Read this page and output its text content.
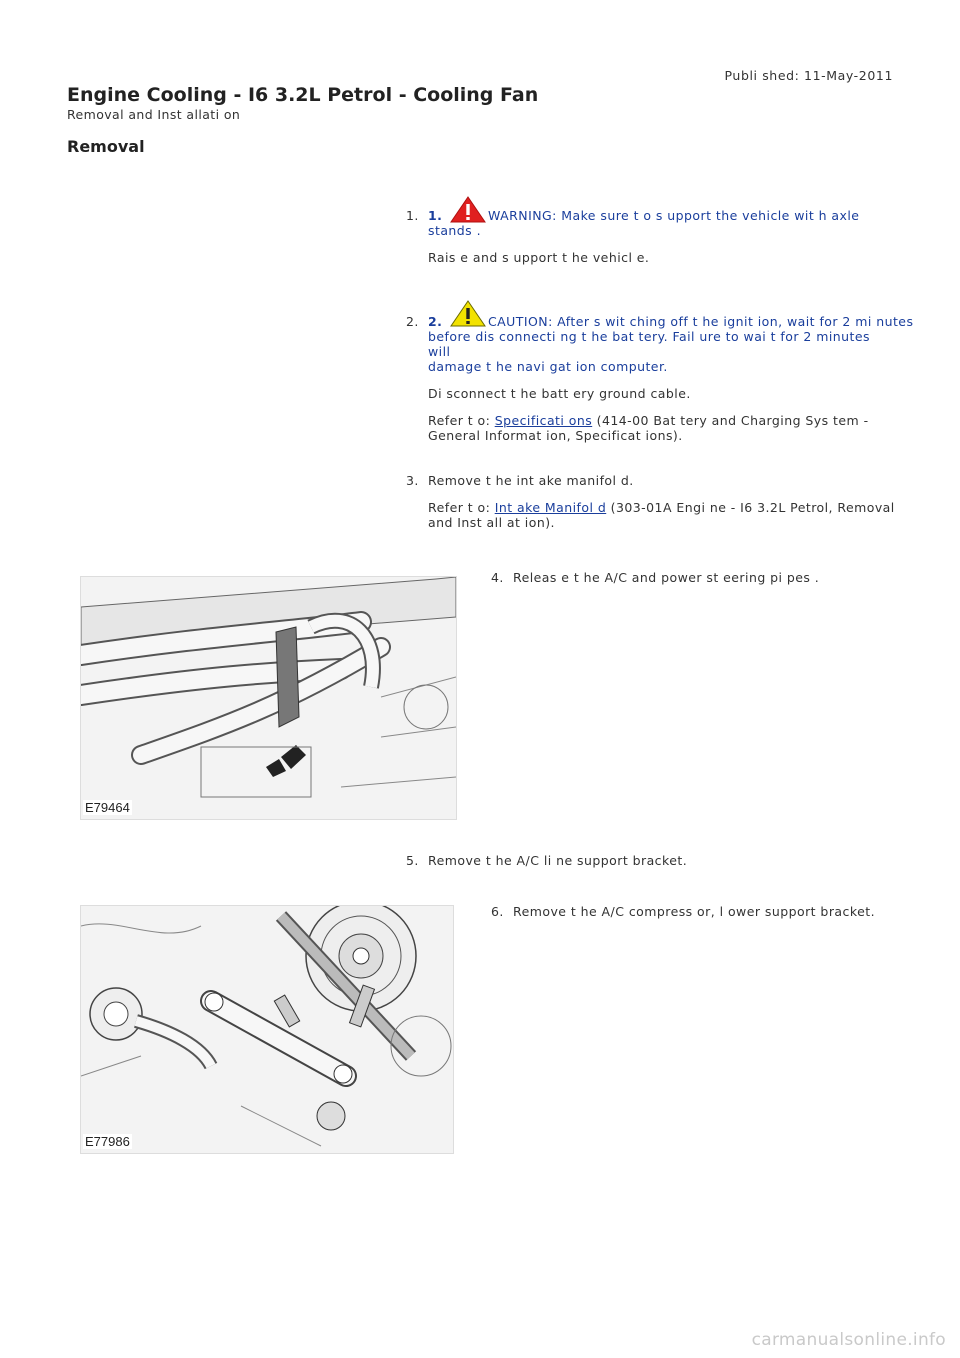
Publi shed: 11-May-2011
Engine Cooling - I6 3.2L Petrol - Cooling Fan
Removal and Inst allati on
Removal
1. 1.	WARNING: Make sure t o s upport the vehicle wit h axle
stands .
Rais e and s upport t he vehicl e.
2. 2.	CAUTION: After s wit ching off t he ignit ion, wait for 2 mi nutes
before dis connecti ng t he bat tery. Fail ure to wai t for 2 minutes will
damage t he navi gat ion computer.
Di sconnect t he batt ery ground cable.
Refer t o: Specificati ons (414-00 Bat tery and Charging Sys tem -
General Informat ion, Specificat ions).
3. Remove t he int ake manifol d.
Refer t o: Int ake Manifol d (303-01A Engi ne - I6 3.2L Petrol, Removal
and Inst all at ion).
E79464
4. Releas e t he A/C and power st eering pi pes .
5. Remove t he A/C li ne support bracket.
E77986
6. Remove t he A/C compress or, l ower support bracket.
carmanualsonline.info
